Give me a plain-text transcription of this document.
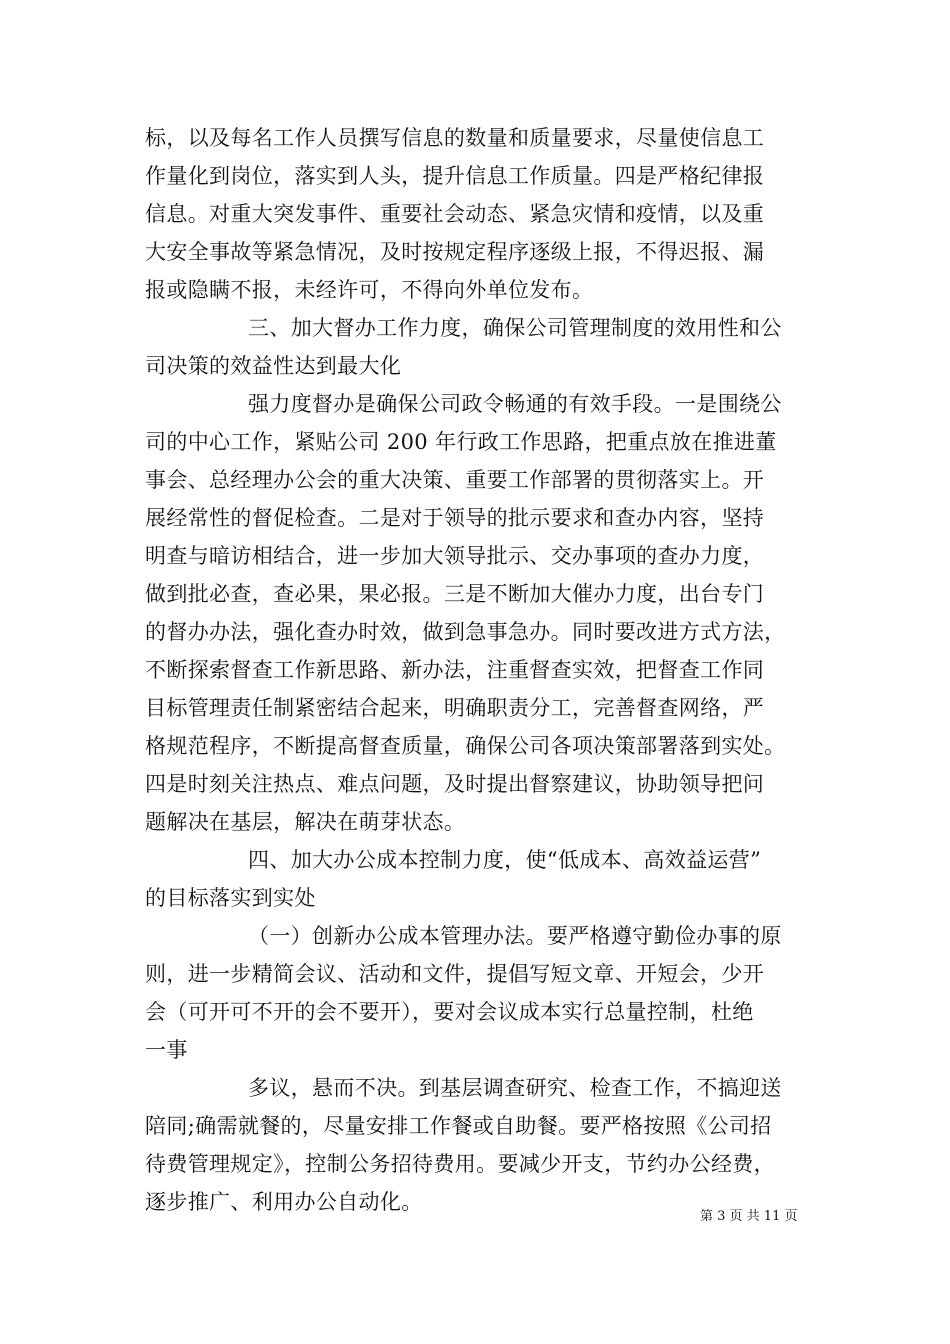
标，以及每名工作人员撰写信息的数量和质量要求，尽量使信息工
作量化到岗位，落实到人头，提升信息工作质量。四是严格纪律报
信息。对重大突发事件、重要社会动态、紧急灾情和疫情，以及重
大安全事故等紧急情况，及时按规定程序逐级上报，不得迟报、漏
报或隐瞒不报，未经许可，不得向外单位发布。
三、加大督办工作力度，确保公司管理制度的效用性和公
司决策的效益性达到最大化
强力度督办是确保公司政令畅通的有效手段。一是围绕公
司的中心工作，紧贴公司 200 年行政工作思路，把重点放在推进董
事会、总经理办公会的重大决策、重要工作部署的贯彻落实上。开
展经常性的督促检查。二是对于领导的批示要求和查办内容，坚持
明查与暗访相结合，进一步加大领导批示、交办事项的查办力度，
做到批必查，查必果，果必报。三是不断加大催办力度，出台专门
的督办办法，强化查办时效，做到急事急办。同时要改进方式方法，
不断探索督查工作新思路、新办法，注重督查实效，把督查工作同
目标管理责任制紧密结合起来，明确职责分工，完善督查网络，严
格规范程序，不断提高督查质量，确保公司各项决策部署落到实处。
四是时刻关注热点、难点问题，及时提出督察建议，协助领导把问
题解决在基层，解决在萌芽状态。
四、加大办公成本控制力度，使“低成本、高效益运营”
的目标落实到实处
（一）创新办公成本管理办法。要严格遵守勤俭办事的原
则，进一步精简会议、活动和文件，提倡写短文章、开短会，少开
会（可开可不开的会不要开），要对会议成本实行总量控制，杜绝
一事
多议，悬而不决。到基层调查研究、检查工作，不搞迎送
陪同;确需就餐的，尽量安排工作餐或自助餐。要严格按照《公司招
待费管理规定》，控制公务招待费用。要减少开支，节约办公经费，
逐步推广、利用办公自动化。
第 3 页 共 11 页
